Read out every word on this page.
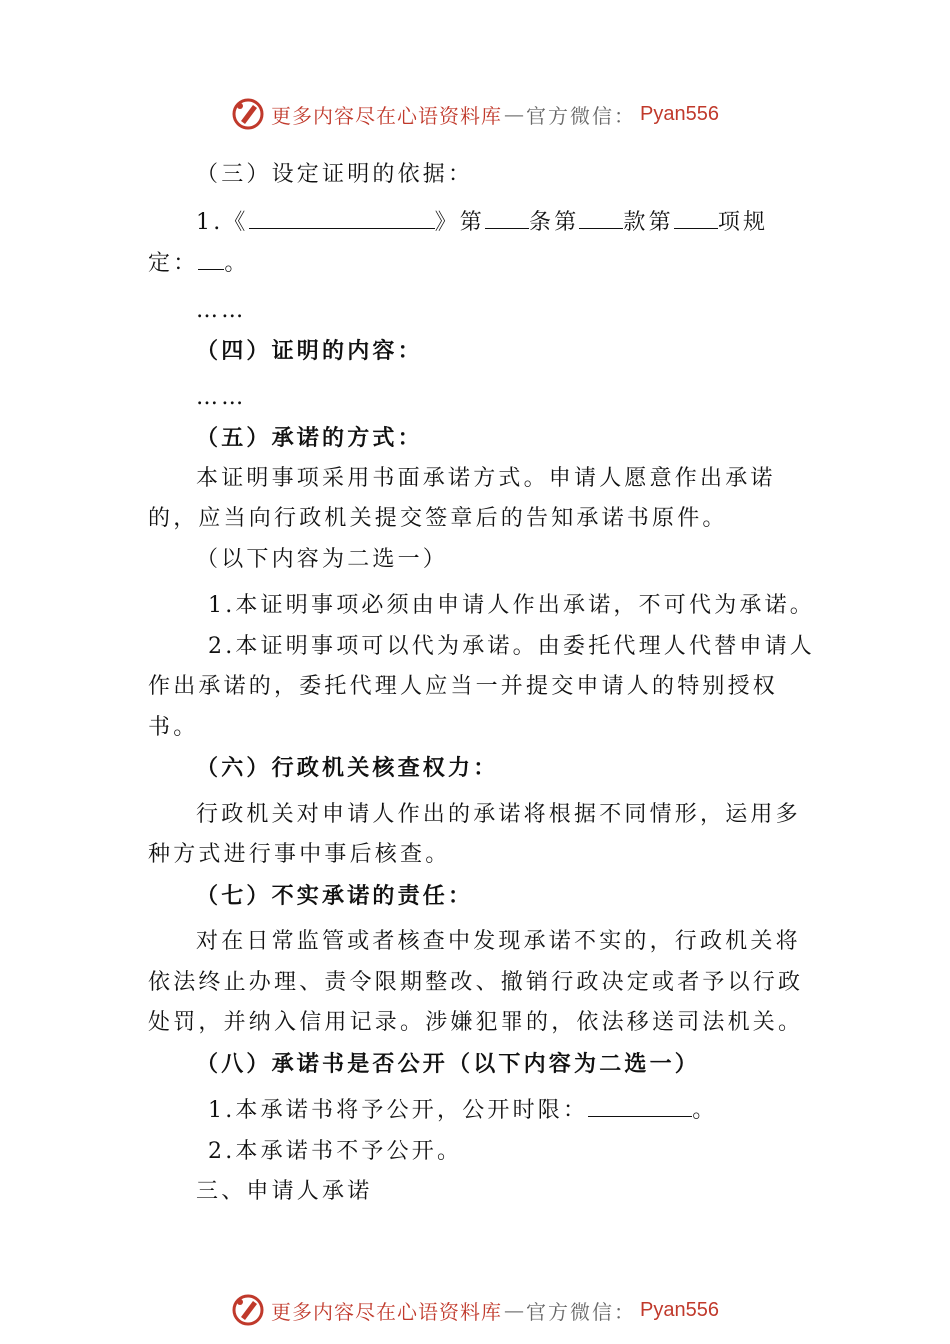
更多内容尽在心语资料库 — 官方微信： Pyan556

（三）设定证明的依据：

1.《	》第 条第 款第 项规

定： 。

……

（四）证明的内容：

……

（五）承诺的方式：

本证明事项采用书面承诺方式。申请人愿意作出承诺的，应当向行政机关提交签章后的告知承诺书原件。

（以下内容为二选一）

1.本证明事项必须由申请人作出承诺，不可代为承诺。

2.本证明事项可以代为承诺。由委托代理人代替申请人作出承诺的，委托代理人应当一并提交申请人的特别授权书。

（六）行政机关核查权力：

行政机关对申请人作出的承诺将根据不同情形，运用多种方式进行事中事后核查。

（七）不实承诺的责任：

对在日常监管或者核查中发现承诺不实的，行政机关将依法终止办理、责令限期整改、撤销行政决定或者予以行政处罚，并纳入信用记录。涉嫌犯罪的，依法移送司法机关。

（八）承诺书是否公开（以下内容为二选一）

1.本承诺书将予公开，公开时限：	。

2.本承诺书不予公开。

三、申请人承诺

更多内容尽在心语资料库 — 官方微信： Pyan556
